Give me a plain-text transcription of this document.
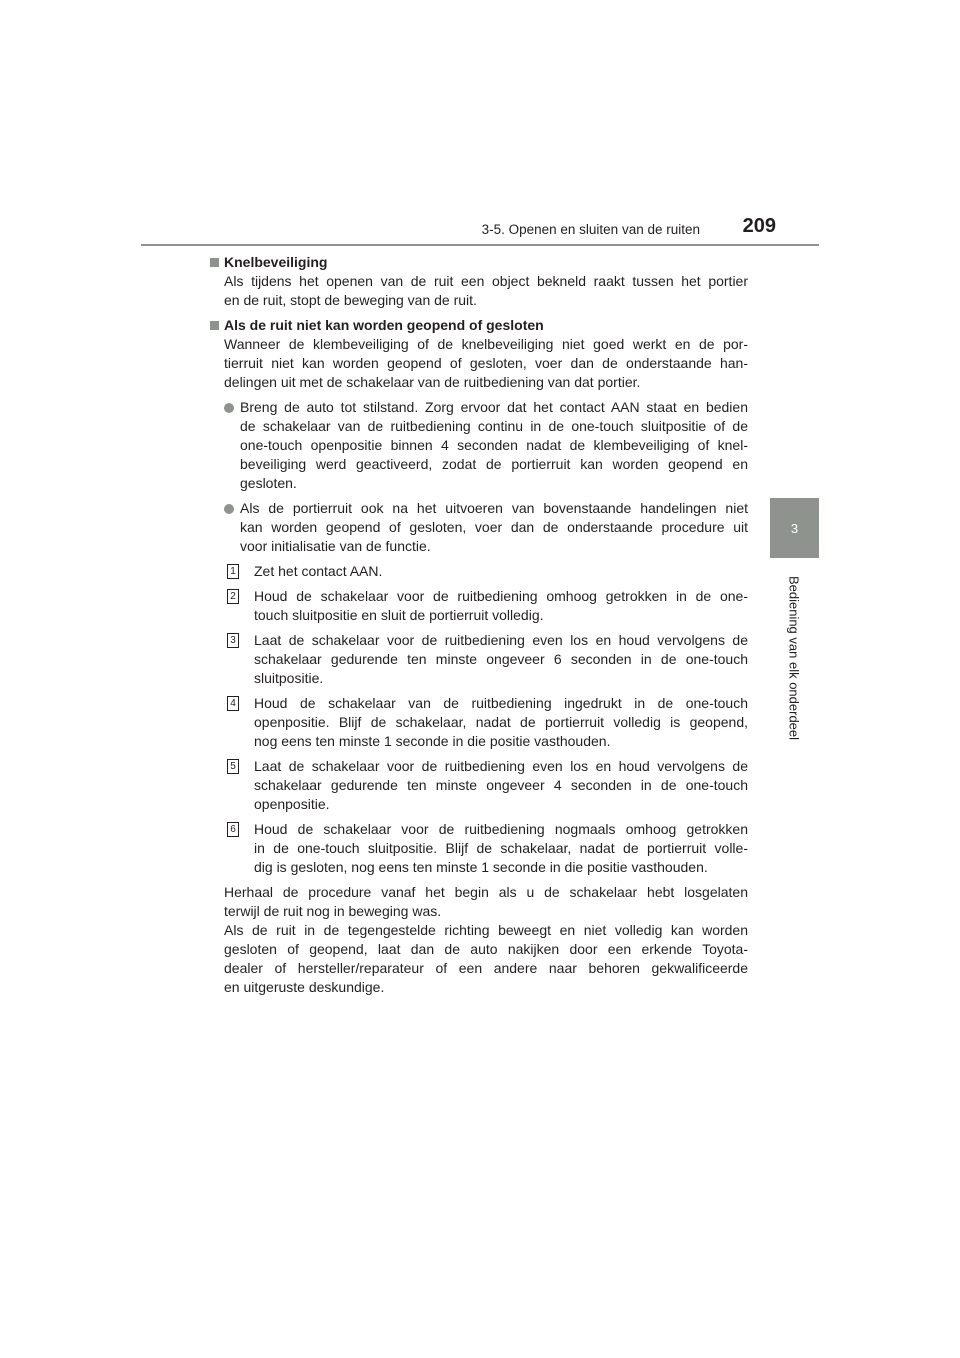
3-5. Openen en sluiten van de ruiten	209
3
Bediening van elk onderdeel
Knelbeveiliging
Als tijdens het openen van de ruit een object bekneld raakt tussen het portier
en de ruit, stopt de beweging van de ruit.
Als de ruit niet kan worden geopend of gesloten
Wanneer de klembeveiliging of de knelbeveiliging niet goed werkt en de por-
tierruit niet kan worden geopend of gesloten, voer dan de onderstaande han-
delingen uit met de schakelaar van de ruitbediening van dat portier.
Breng de auto tot stilstand. Zorg ervoor dat het contact AAN staat en bedien
de schakelaar van de ruitbediening continu in de one-touch sluitpositie of de
one-touch openpositie binnen 4 seconden nadat de klembeveiliging of knel-
beveiliging werd geactiveerd, zodat de portierruit kan worden geopend en
gesloten.
Als de portierruit ook na het uitvoeren van bovenstaande handelingen niet
kan worden geopend of gesloten, voer dan de onderstaande procedure uit
voor initialisatie van de functie.
1 Zet het contact AAN.
2 Houd de schakelaar voor de ruitbediening omhoog getrokken in de one-
touch sluitpositie en sluit de portierruit volledig.
3 Laat de schakelaar voor de ruitbediening even los en houd vervolgens de
schakelaar gedurende ten minste ongeveer 6 seconden in de one-touch
sluitpositie.
4 Houd de schakelaar van de ruitbediening ingedrukt in de one-touch
openpositie. Blijf de schakelaar, nadat de portierruit volledig is geopend,
nog eens ten minste 1 seconde in die positie vasthouden.
5 Laat de schakelaar voor de ruitbediening even los en houd vervolgens de
schakelaar gedurende ten minste ongeveer 4 seconden in de one-touch
openpositie.
6 Houd de schakelaar voor de ruitbediening nogmaals omhoog getrokken
in de one-touch sluitpositie. Blijf de schakelaar, nadat de portierruit volle-
dig is gesloten, nog eens ten minste 1 seconde in die positie vasthouden.
Herhaal de procedure vanaf het begin als u de schakelaar hebt losgelaten
terwijl de ruit nog in beweging was.
Als de ruit in de tegengestelde richting beweegt en niet volledig kan worden
gesloten of geopend, laat dan de auto nakijken door een erkende Toyota-
dealer of hersteller/reparateur of een andere naar behoren gekwalificeerde
en uitgeruste deskundige.
